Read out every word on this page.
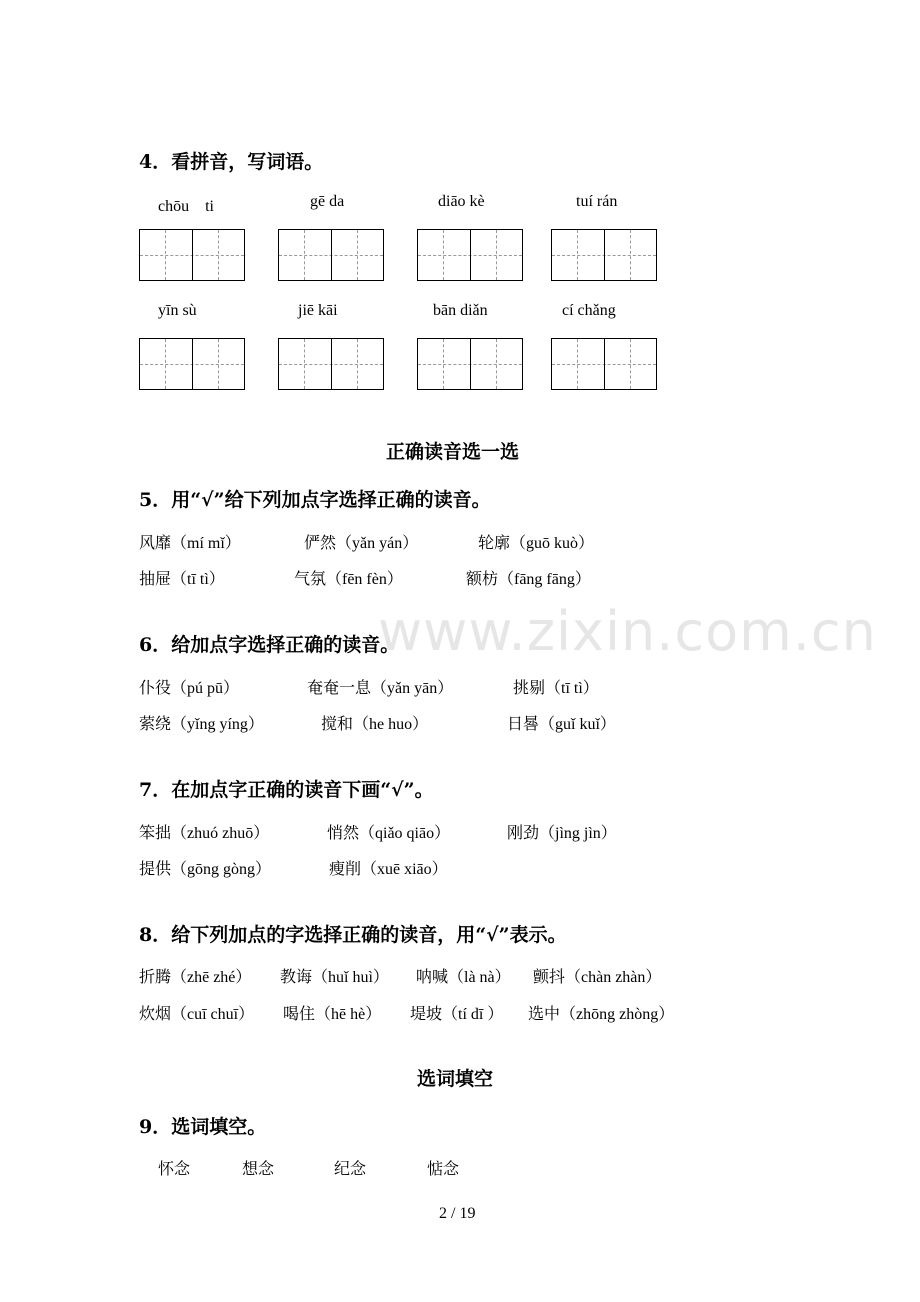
www.zixin.com.cn
4．看拼音，写词语。
chōu　ti	gē da	diāo kè	tuí rán
yīn sù	jiē kāi	bān diǎn	cí chǎng
正确读音选一选
5．用“√”给下列加点字选择正确的读音。
风靡（mí mǐ）	俨然（yǎn yán）	轮廓（guō kuò）
抽屉（tī tì）	气氛（fēn fèn）	额枋（fāng fāng）
6．给加点字选择正确的读音。
仆役（pú pū）	奄奄一息（yǎn yān）	挑剔（tī tì）
萦绕（yǐng yíng）	搅和（he huo）	日晷（guǐ kuǐ）
7．在加点字正确的读音下画“√”。
笨拙（zhuó zhuō）	悄然（qiǎo qiāo）	刚劲（jìng jìn）
提供（gōng gòng）	瘦削（xuē xiāo）
8．给下列加点的字选择正确的读音，用“√”表示。
折腾（zhē zhé） 教诲（huǐ huì） 呐喊（là nà） 颤抖（chàn zhàn）
炊烟（cuī chuī） 喝住（hē hè） 堤坡（tí dī ） 选中（zhōng zhòng）
选词填空
9．选词填空。
怀念	想念	纪念	惦念
2 / 19
